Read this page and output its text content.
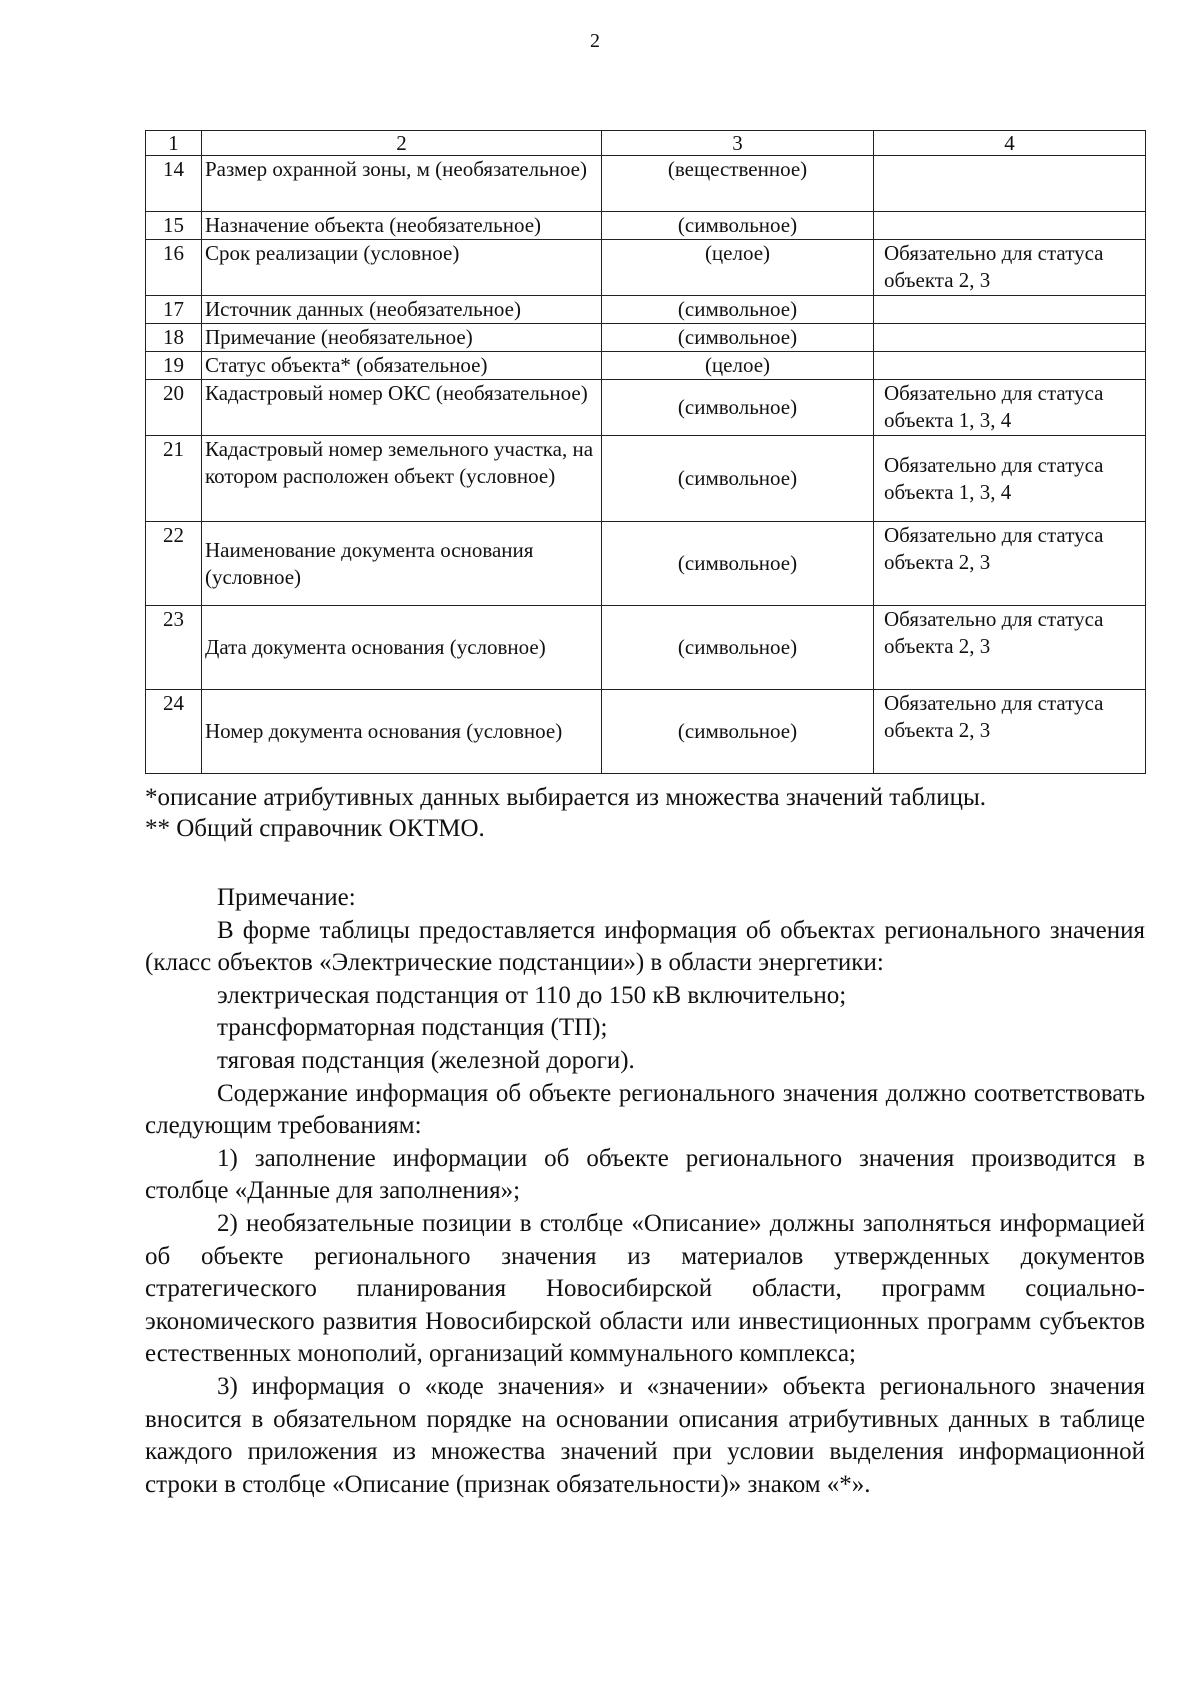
2
1	2	3	4
14	Размер охранной зоны, м (необязательное)	(вещественное)	
15	Назначение объекта (необязательное)	(символьное)	
16	Срок реализации (условное)	(целое)	Обязательно для статуса объекта 2, 3
17	Источник данных (необязательное)	(символьное)	
18	Примечание (необязательное)	(символьное)	
19	Статус объекта* (обязательное)	(целое)	
20	Кадастровый номер ОКС (необязательное)	(символьное)	Обязательно для статуса объекта 1, 3, 4
21	Кадастровый номер земельного участка, на котором расположен объект (условное)	(символьное)	Обязательно для статуса объекта 1, 3, 4
22	Наименование документа основания (условное)	(символьное)	Обязательно для статуса объекта 2, 3
23	Дата документа основания (условное)	(символьное)	Обязательно для статуса объекта 2, 3
24	Номер документа основания (условное)	(символьное)	Обязательно для статуса объекта 2, 3

*описание атрибутивных данных выбирается из множества значений таблицы.

** Общий справочник ОКТМО.

Примечание:

В форме таблицы предоставляется информация об объектах регионального значения (класс объектов «Электрические подстанции») в области энергетики:

электрическая подстанция от 110 до 150 кВ включительно;

трансформаторная подстанция (ТП);

тяговая подстанция (железной дороги).

Содержание информация об объекте регионального значения должно соответствовать следующим требованиям:

1) заполнение информации об объекте регионального значения производится в столбце «Данные для заполнения»;

2) необязательные позиции в столбце «Описание» должны заполняться информацией об объекте регионального значения из материалов утвержденных документов стратегического планирования Новосибирской области, программ социально-экономического развития Новосибирской области или инвестиционных программ субъектов естественных монополий, организаций коммунального комплекса;

3) информация о «коде значения» и «значении» объекта регионального значения вносится в обязательном порядке на основании описания атрибутивных данных в таблице каждого приложения из множества значений при условии выделения информационной строки в столбце «Описание (признак обязательности)» знаком «*».
